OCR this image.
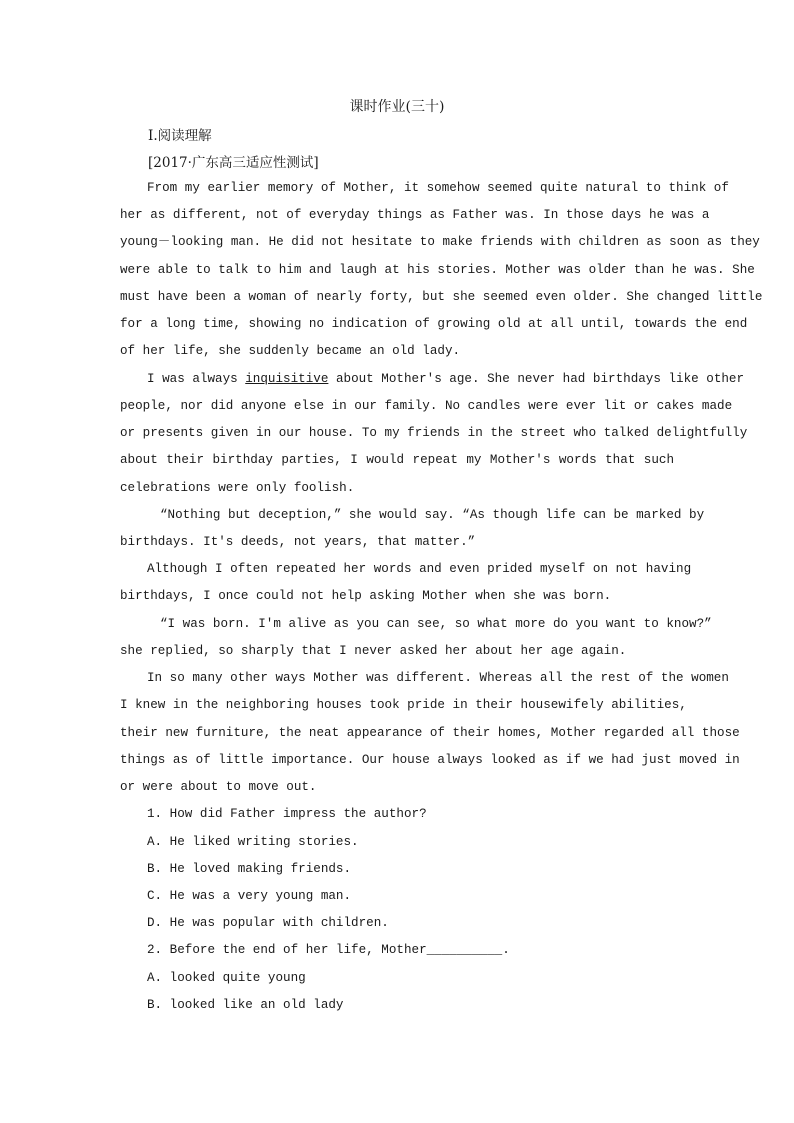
课时作业(三十)
Ⅰ.阅读理解
[2017·广东高三适应性测试]
From my earlier memory of Mother, it somehow seemed quite natural to think of
her as different, not of everyday things as Father was. In those days he was a
young－looking man. He did not hesitate to make friends with children as soon as they
were able to talk to him and laugh at his stories. Mother was older than he was. She
must have been a woman of nearly forty, but she seemed even older. She changed little
for a long time, showing no indication of growing old at all until, towards the end
of her life, she suddenly became an old lady.
I was always inquisitive about Mother's age. She never had birthdays like other
people, nor did anyone else in our family. No candles were ever lit or cakes made
or presents given in our house. To my friends in the street who talked delightfully
about their birthday parties, I would repeat my Mother's words that such
celebrations were only foolish.
“Nothing but deception,” she would say. “As though life can be marked by
birthdays. It's deeds, not years, that matter.”
Although I often repeated her words and even prided myself on not having
birthdays, I once could not help asking Mother when she was born.
“I was born. I'm alive as you can see, so what more do you want to know?”
she replied, so sharply that I never asked her about her age again.
In so many other ways Mother was different. Whereas all the rest of the women
I knew in the neighboring houses took pride in their housewifely abilities,
their new furniture, the neat appearance of their homes, Mother regarded all those
things as of little importance. Our house always looked as if we had just moved in
or were about to move out.
1. How did Father impress the author?
A. He liked writing stories.
B. He loved making friends.
C. He was a very young man.
D. He was popular with children.
2. Before the end of her life, Mother__________.
A. looked quite young
B. looked like an old lady
